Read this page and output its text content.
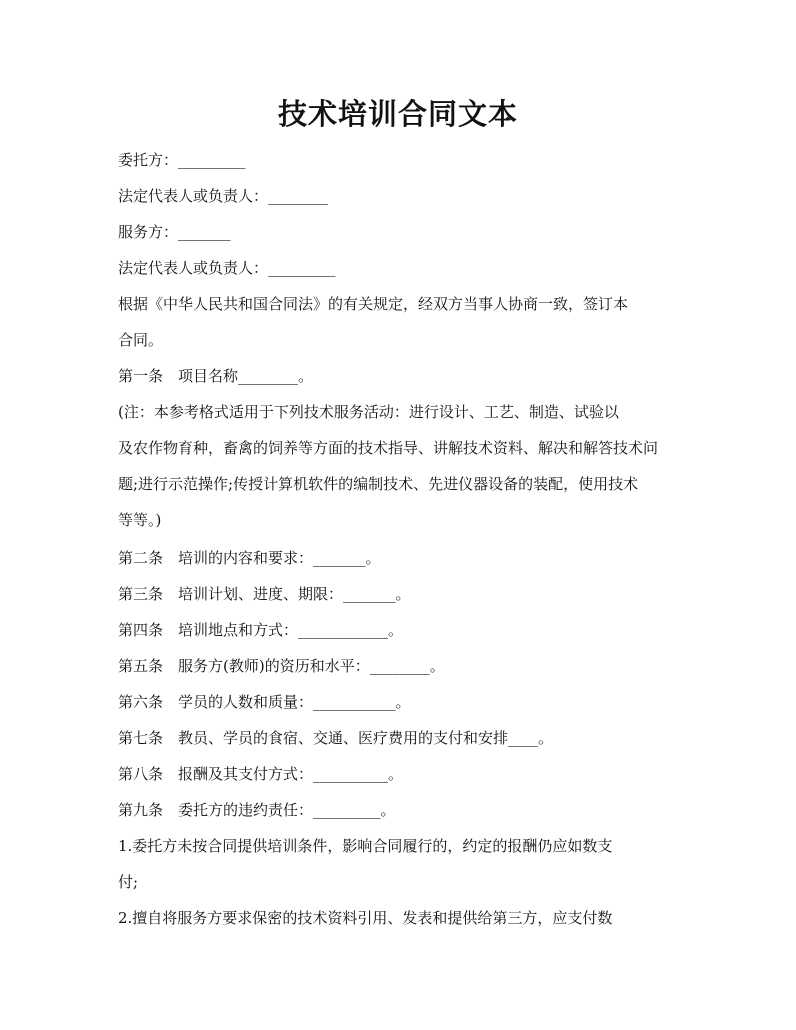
技术培训合同文本
委托方：_________
法定代表人或负责人：________
服务方：_______
法定代表人或负责人：_________
根据《中华人民共和国合同法》的有关规定，经双方当事人协商一致，签订本
合同。
第一条　项目名称________。
(注：本参考格式适用于下列技术服务活动：进行设计、工艺、制造、试验以
及农作物育种，畜禽的饲养等方面的技术指导、讲解技术资料、解决和解答技术问
题;进行示范操作;传授计算机软件的编制技术、先进仪器设备的装配，使用技术
等等。)
第二条　培训的内容和要求：_______。
第三条　培训计划、进度、期限：_______。
第四条　培训地点和方式：____________。
第五条　服务方(教师)的资历和水平：________。
第六条　学员的人数和质量：___________。
第七条　教员、学员的食宿、交通、医疗费用的支付和安排____。
第八条　报酬及其支付方式：__________。
第九条　委托方的违约责任：_________。
1.委托方未按合同提供培训条件，影响合同履行的，约定的报酬仍应如数支
付;
2.擅自将服务方要求保密的技术资料引用、发表和提供给第三方，应支付数
